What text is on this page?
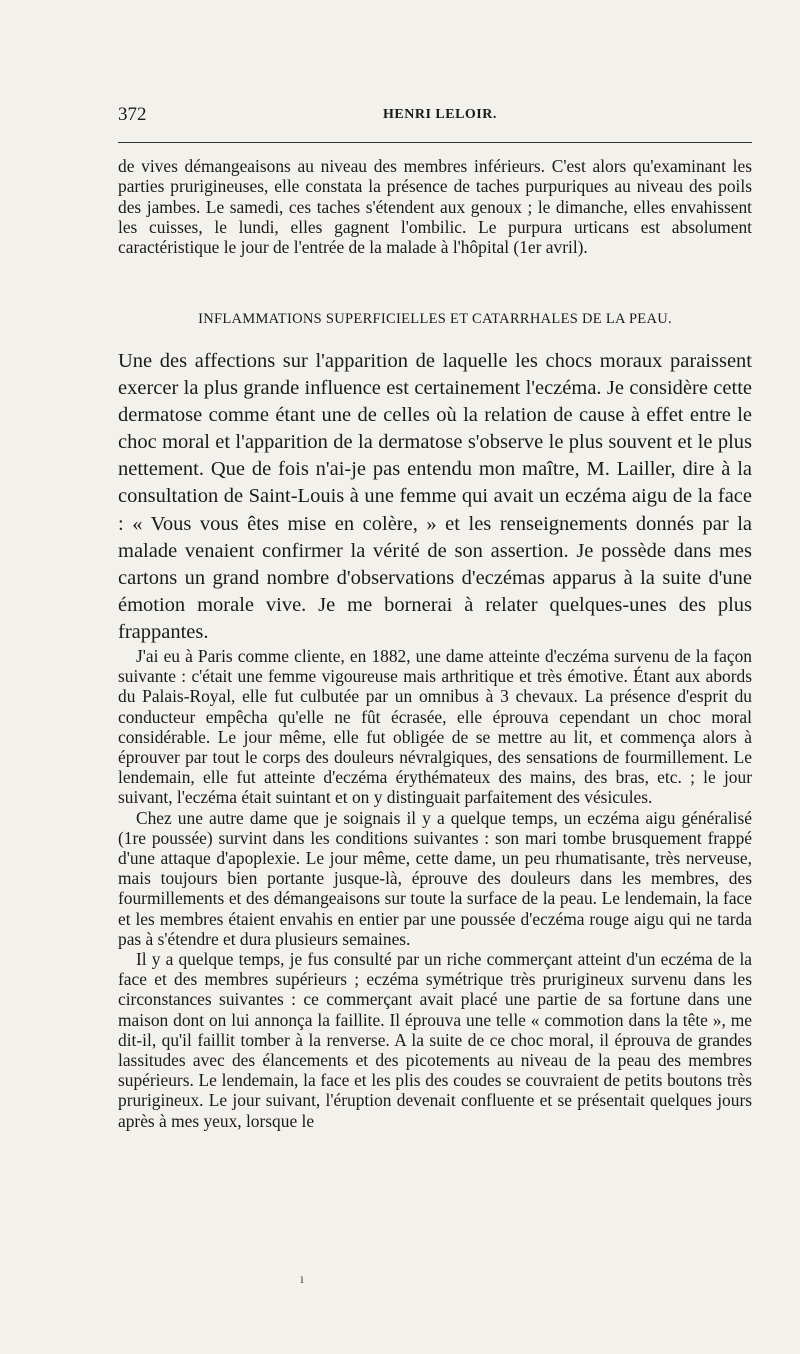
372	HENRI LELOIR.

de vives démangeaisons au niveau des membres inférieurs. C'est alors qu'examinant les parties prurigineuses, elle constata la présence de taches purpuriques au niveau des poils des jambes. Le samedi, ces taches s'étendent aux genoux ; le dimanche, elles envahissent les cuisses, le lundi, elles gagnent l'ombilic. Le purpura urticans est absolument caractéristique le jour de l'entrée de la malade à l'hôpital (1er avril).

INFLAMMATIONS SUPERFICIELLES ET CATARRHALES DE LA PEAU.

Une des affections sur l'apparition de laquelle les chocs moraux paraissent exercer la plus grande influence est certainement l'eczéma. Je considère cette dermatose comme étant une de celles où la relation de cause à effet entre le choc moral et l'apparition de la dermatose s'observe le plus souvent et le plus nettement. Que de fois n'ai-je pas entendu mon maître, M. Lailler, dire à la consultation de Saint-Louis à une femme qui avait un eczéma aigu de la face : « Vous vous êtes mise en colère, » et les renseignements donnés par la malade venaient confirmer la vérité de son assertion. Je possède dans mes cartons un grand nombre d'observations d'eczémas apparus à la suite d'une émotion morale vive. Je me bornerai à relater quelques-unes des plus frappantes.

J'ai eu à Paris comme cliente, en 1882, une dame atteinte d'eczéma survenu de la façon suivante : c'était une femme vigoureuse mais arthritique et très émotive. Étant aux abords du Palais-Royal, elle fut culbutée par un omnibus à 3 chevaux. La présence d'esprit du conducteur empêcha qu'elle ne fût écrasée, elle éprouva cependant un choc moral considérable. Le jour même, elle fut obligée de se mettre au lit, et commença alors à éprouver par tout le corps des douleurs névralgiques, des sensations de fourmillement. Le lendemain, elle fut atteinte d'eczéma érythémateux des mains, des bras, etc. ; le jour suivant, l'eczéma était suintant et on y distinguait parfaitement des vésicules.

Chez une autre dame que je soignais il y a quelque temps, un eczéma aigu généralisé (1re poussée) survint dans les conditions suivantes : son mari tombe brusquement frappé d'une attaque d'apoplexie. Le jour même, cette dame, un peu rhumatisante, très nerveuse, mais toujours bien portante jusque-là, éprouve des douleurs dans les membres, des fourmillements et des démangeaisons sur toute la surface de la peau. Le lendemain, la face et les membres étaient envahis en entier par une poussée d'eczéma rouge aigu qui ne tarda pas à s'étendre et dura plusieurs semaines.

Il y a quelque temps, je fus consulté par un riche commerçant atteint d'un eczéma de la face et des membres supérieurs ; eczéma symétrique très prurigineux survenu dans les circonstances suivantes : ce commerçant avait placé une partie de sa fortune dans une maison dont on lui annonça la faillite. Il éprouva une telle « commotion dans la tête », me dit-il, qu'il faillit tomber à la renverse. A la suite de ce choc moral, il éprouva de grandes lassitudes avec des élancements et des picotements au niveau de la peau des membres supérieurs. Le lendemain, la face et les plis des coudes se couvraient de petits boutons très prurigineux. Le jour suivant, l'éruption devenait confluente et se présentait quelques jours après à mes yeux, lorsque le

ı
